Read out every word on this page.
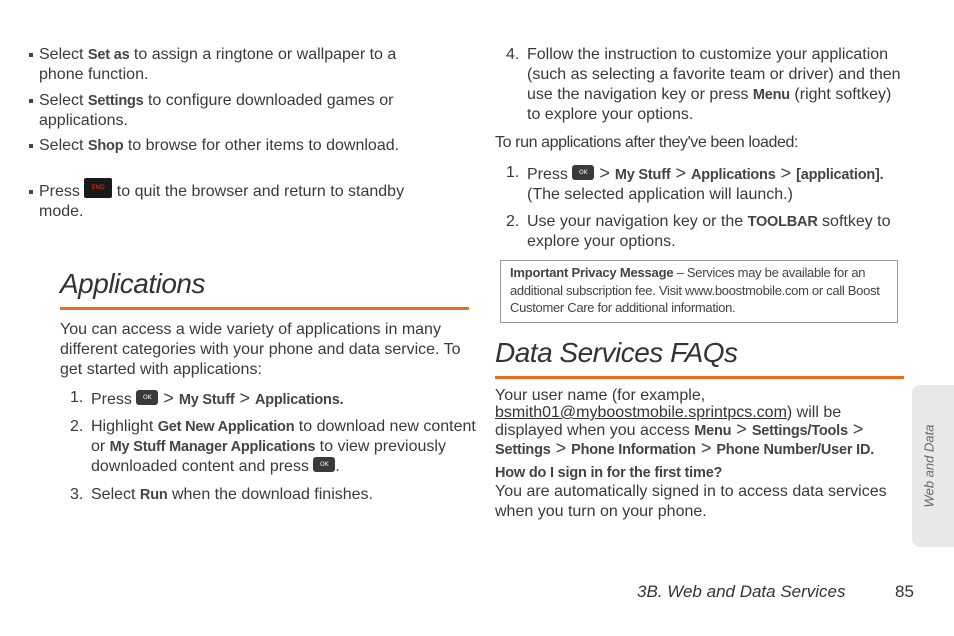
Select Set as to assign a ringtone or wallpaper to a phone function.

Select Settings to configure downloaded games or applications.

Select Shop to browse for other items to download.

Press END to quit the browser and return to standby mode.

Applications

You can access a wide variety of applications in many different categories with your phone and data service. To get started with applications:

1. Press OK > My Stuff > Applications.

2. Highlight Get New Application to download new content or My Stuff Manager Applications to view previously downloaded content and press OK .

3. Select Run when the download finishes.

4. Follow the instruction to customize your application (such as selecting a favorite team or driver) and then use the navigation key or press Menu (right softkey) to explore your options.

To run applications after they've been loaded:

1. Press OK > My Stuff > Applications > [application].
(The selected application will launch.)

2. Use your navigation key or the TOOLBAR softkey to explore your options.

Important Privacy Message – Services may be available for an additional subscription fee. Visit www.boostmobile.com or call Boost Customer Care for additional information.
Data Services FAQs

Your user name (for example,
bsmith01@myboostmobile.sprintpcs.com) will be displayed when you access Menu > Settings/Tools > Settings > Phone Information > Phone Number/User ID.

How do I sign in for the first time?

You are automatically signed in to access data services when you turn on your phone.

Web and Data
3B. Web and Data Services	85
